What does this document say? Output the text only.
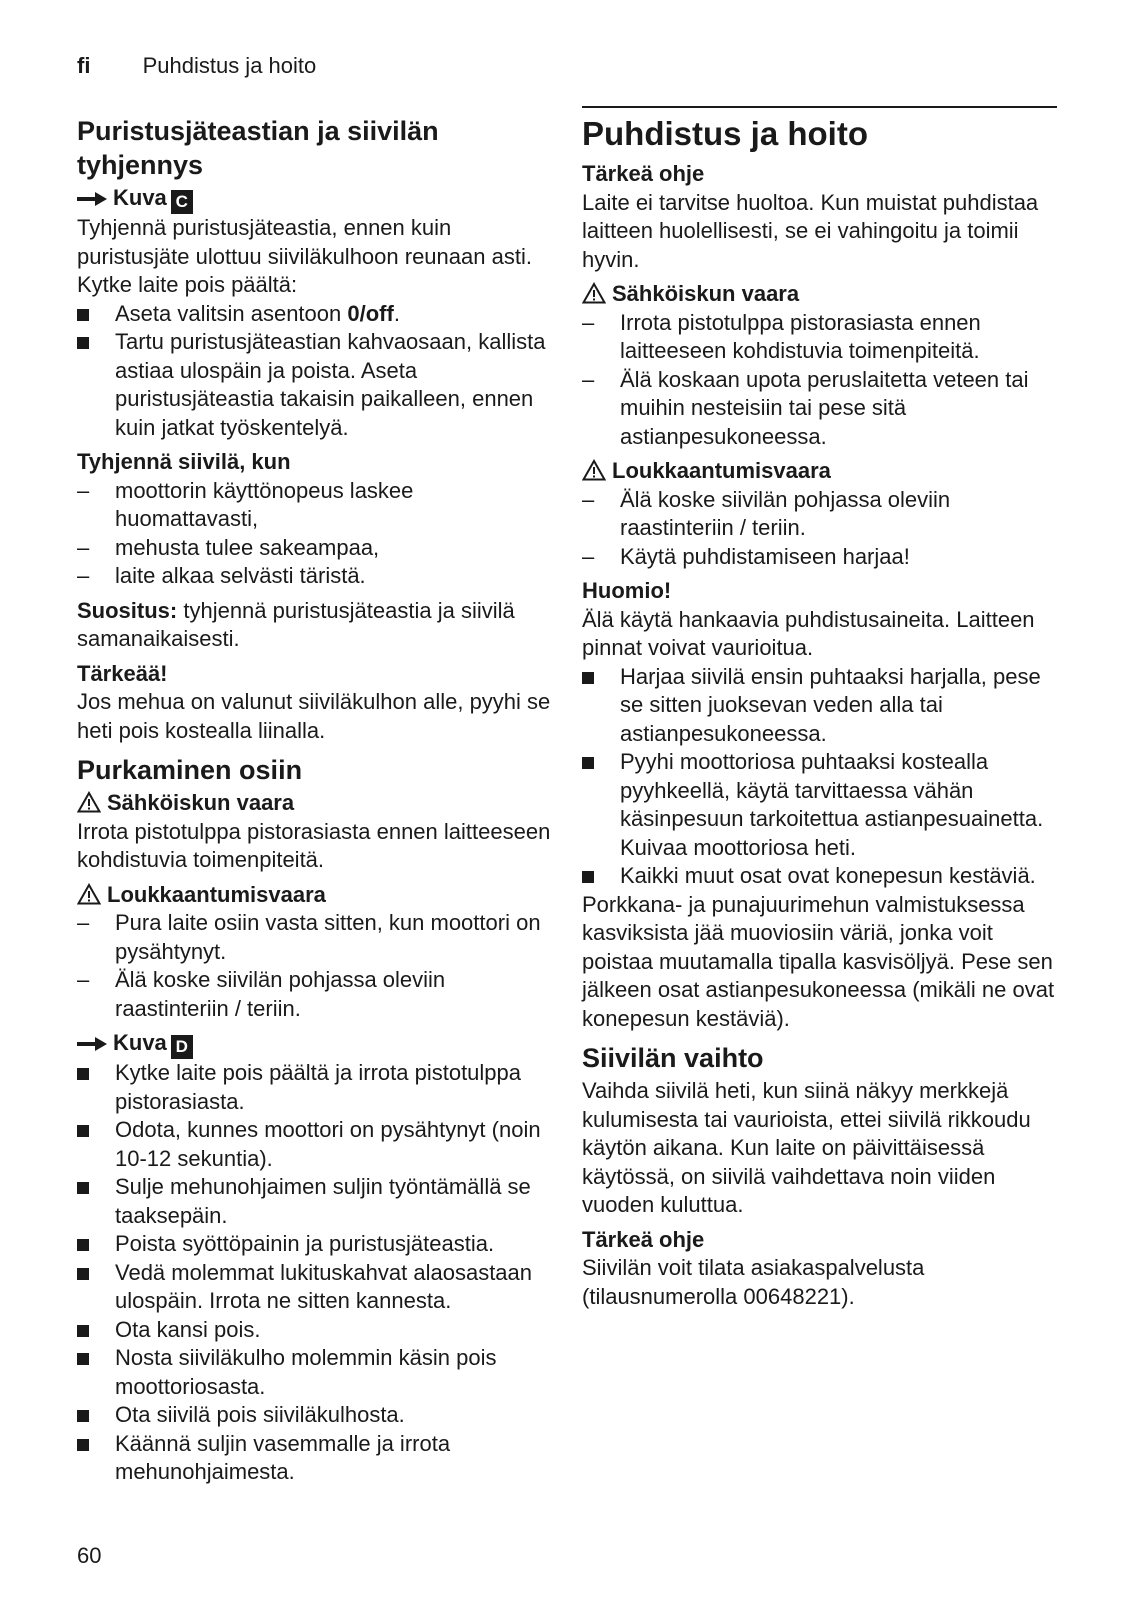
fi Puhdistus ja hoito
Puristusjäteastian ja siivilän tyhjennys
Kuva C

Tyhjennä puristusjäteastia, ennen kuin puristusjäte ulottuu siiviläkulhoon reunaan asti. Kytke laite pois päältä:

Aseta valitsin asentoon 0/off.
Tartu puristusjäteastian kahvaosaan, kallista astiaa ulospäin ja poista. Aseta puristusjäteastia takaisin paikalleen, ennen kuin jatkat työskentelyä.
Tyhjennä siivilä, kun
–	moottorin käyttönopeus laskee huomattavasti,
–	mehusta tulee sakeampaa,
–	laite alkaa selvästi täristä.

Suositus: tyhjennä puristusjäteastia ja siivilä samanaikaisesti.

Tärkeää!

Jos mehua on valunut siiviläkulhon alle, pyyhi se heti pois kostealla liinalla.

Purkaminen osiin
Sähköiskun vaara

Irrota pistotulppa pistorasiasta ennen laitteeseen kohdistuvia toimenpiteitä.

Loukkaantumisvaara
–	Pura laite osiin vasta sitten, kun moottori on pysähtynyt.
–	Älä koske siivilän pohjassa oleviin raastinteriin / teriin.
Kuva D
Kytke laite pois päältä ja irrota pistotulppa pistorasiasta.
Odota, kunnes moottori on pysähtynyt (noin 10-12 sekuntia).
Sulje mehunohjaimen suljin työntämällä se taaksepäin.
Poista syöttöpainin ja puristusjäteastia.
Vedä molemmat lukituskahvat alaosastaan ulospäin. Irrota ne sitten kannesta.
Ota kansi pois.
Nosta siiviläkulho molemmin käsin pois moottoriosasta.
Ota siivilä pois siiviläkulhosta.
Käännä suljin vasemmalle ja irrota mehunohjaimesta.
Puhdistus ja hoito
Tärkeä ohje

Laite ei tarvitse huoltoa. Kun muistat puhdistaa laitteen huolellisesti, se ei vahingoitu ja toimii hyvin.

Sähköiskun vaara
–	Irrota pistotulppa pistorasiasta ennen laitteeseen kohdistuvia toimenpiteitä.
–	Älä koskaan upota peruslaitetta veteen tai muihin nesteisiin tai pese sitä astianpesukoneessa.
Loukkaantumisvaara
–	Älä koske siivilän pohjassa oleviin raastinteriin / teriin.
–	Käytä puhdistamiseen harjaa!
Huomio!

Älä käytä hankaavia puhdistusaineita. Laitteen pinnat voivat vaurioitua.

Harjaa siivilä ensin puhtaaksi harjalla, pese se sitten juoksevan veden alla tai astianpesukoneessa.
Pyyhi moottoriosa puhtaaksi kostealla pyyhkeellä, käytä tarvittaessa vähän käsinpesuun tarkoitettua astianpesuainetta. Kuivaa moottoriosa heti.
Kaikki muut osat ovat konepesun kestäviä.

Porkkana- ja punajuurimehun valmistuksessa kasviksista jää muoviosiin väriä, jonka voit poistaa muutamalla tipalla kasvisöljyä. Pese sen jälkeen osat astianpesukoneessa (mikäli ne ovat konepesun kestäviä).

Siivilän vaihto

Vaihda siivilä heti, kun siinä näkyy merkkejä kulumisesta tai vaurioista, ettei siivilä rikkoudu käytön aikana. Kun laite on päivittäisessä käytössä, on siivilä vaihdettava noin viiden vuoden kuluttua.

Tärkeä ohje

Siivilän voit tilata asiakaspalvelusta (tilausnumerolla 00648221).

60
